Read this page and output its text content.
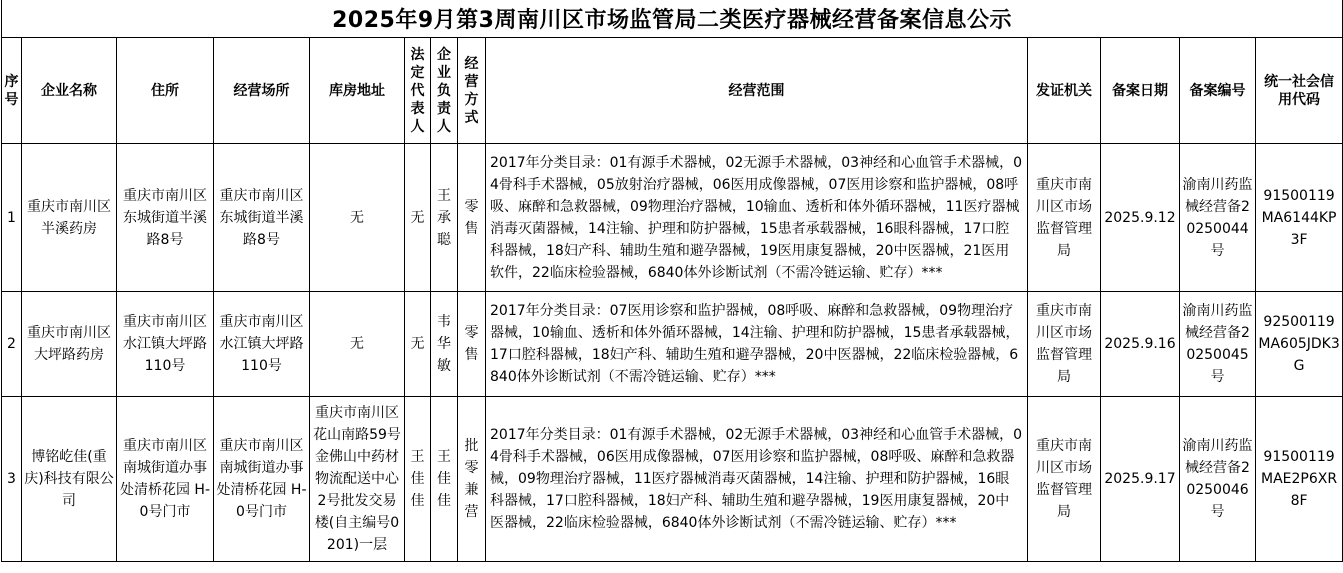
2025年9月第3周南川区市场监管局二类医疗器械经营备案信息公示												
序号	企业名称	住所	经营场所	库房地址	法定代表人	企业负责人	经营方式	经营范围	发证机关	备案日期	备案编号	统一社会信用代码
1	重庆市南川区半溪药房	重庆市南川区东城街道半溪路8号	重庆市南川区东城街道半溪路8号	无	无	王承聪	零售	2017年分类目录：01有源手术器械，02无源手术器械，03神经和心血管手术器械，04骨科手术器械，05放射治疗器械，06医用成像器械，07医用诊察和监护器械，08呼吸、麻醉和急救器械，09物理治疗器械，10输血、透析和体外循环器械，11医疗器械消毒灭菌器械，14注输、护理和防护器械，15患者承载器械，16眼科器械，17口腔科器械，18妇产科、辅助生殖和避孕器械，19医用康复器械，20中医器械，21医用软件，22临床检验器械，6840体外诊断试剂（不需冷链运输、贮存）***	重庆市南川区市场监督管理局	2025.9.12	渝南川药监械经营备20250044号	91500119MA6144KP3F
2	重庆市南川区大坪路药房	重庆市南川区水江镇大坪路110号	重庆市南川区水江镇大坪路110号	无	无	韦华敏	零售	2017年分类目录：07医用诊察和监护器械，08呼吸、麻醉和急救器械，09物理治疗器械，10输血、透析和体外循环器械，14注输、护理和防护器械，15患者承载器械，17口腔科器械，18妇产科、辅助生殖和避孕器械，20中医器械，22临床检验器械，6840体外诊断试剂（不需冷链运输、贮存）***	重庆市南川区市场监督管理局	2025.9.16	渝南川药监械经营备20250045号	92500119MA605JDK3G
3	博铭屹佳(重庆)科技有限公司	重庆市南川区南城街道办事处清桥花园 H-0号门市	重庆市南川区南城街道办事处清桥花园 H-0号门市	重庆市南川区花山南路59号金佛山中药材物流配送中心2号批发交易楼(自主编号0201)一层	王佳佳	王佳佳	批零兼营	2017年分类目录：01有源手术器械，02无源手术器械，03神经和心血管手术器械，04骨科手术器械，06医用成像器械，07医用诊察和监护器械，08呼吸、麻醉和急救器械，09物理治疗器械，11医疗器械消毒灭菌器械，14注输、护理和防护器械，16眼科器械，17口腔科器械，18妇产科、辅助生殖和避孕器械，19医用康复器械，20中医器械，22临床检验器械，6840体外诊断试剂（不需冷链运输、贮存）***	重庆市南川区市场监督管理局	2025.9.17	渝南川药监械经营备20250046号	91500119MAE2P6XR8F
